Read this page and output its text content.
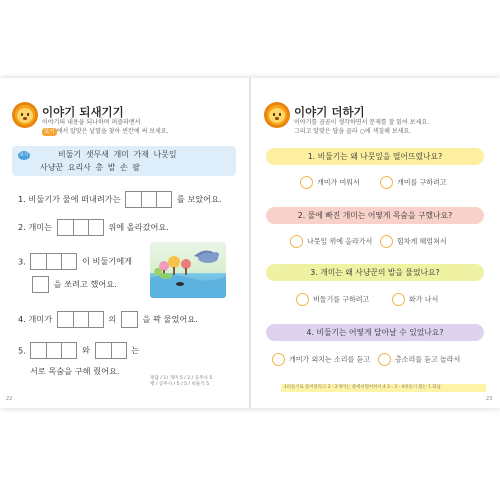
이야기 되새기기
이야기의 내용을 되나하며 퍼즐라엔서
보기 에서 알맞은 낱말을 찾아 빈칸에 써 보세요.
보기	비둘기 샛무새 개미 가재 나뭇잎
사냥꾼 요리사 총 발 손 팔
1. 비둘기가 물에 떠내려가는	를 보았어요.
2. 개미는	위에 올라갔어요.
3.	이 비둘기에게
을 쏘려고 했어요.
4. 개미가	의	을 꽉 물었어요.
5.	와	는
서로 목숨을 구해 줬어요.
정답 / 1) 개미 5 / 2 / 공무사 5
행 / 공무사 / 5 / 5 / 비둘기 5
22
이야기 더하기
이야기를 곰곰이 생각하면서 문제를 잘 읽어 보세요.
그리고 알맞은 답을 골라 ○에 색칠해 보세요.
1. 비둘기는 왜 나뭇잎을 떨어뜨렸나요?
개미가 미워서	개미를 구하려고
2. 물에 빠진 개미는 어떻게 목숨을 구했나요?
나뭇잎 위에 올라가서	힘차게 헤엄쳐서
3. 개미는 왜 사냥꾼의 발을 물었나요?
비둘기를 구하려고	화가 나서
4. 비둘기는 어떻게 달아날 수 있었나요?
개미가 외치는 소리를 듣고	총소리를 듣고 놀라서
1비둘기로 물어달라고 2 - 2개미는 물에서떨어져서 4 2 - 3 - 4비둘기 왔는 1 화남
23
